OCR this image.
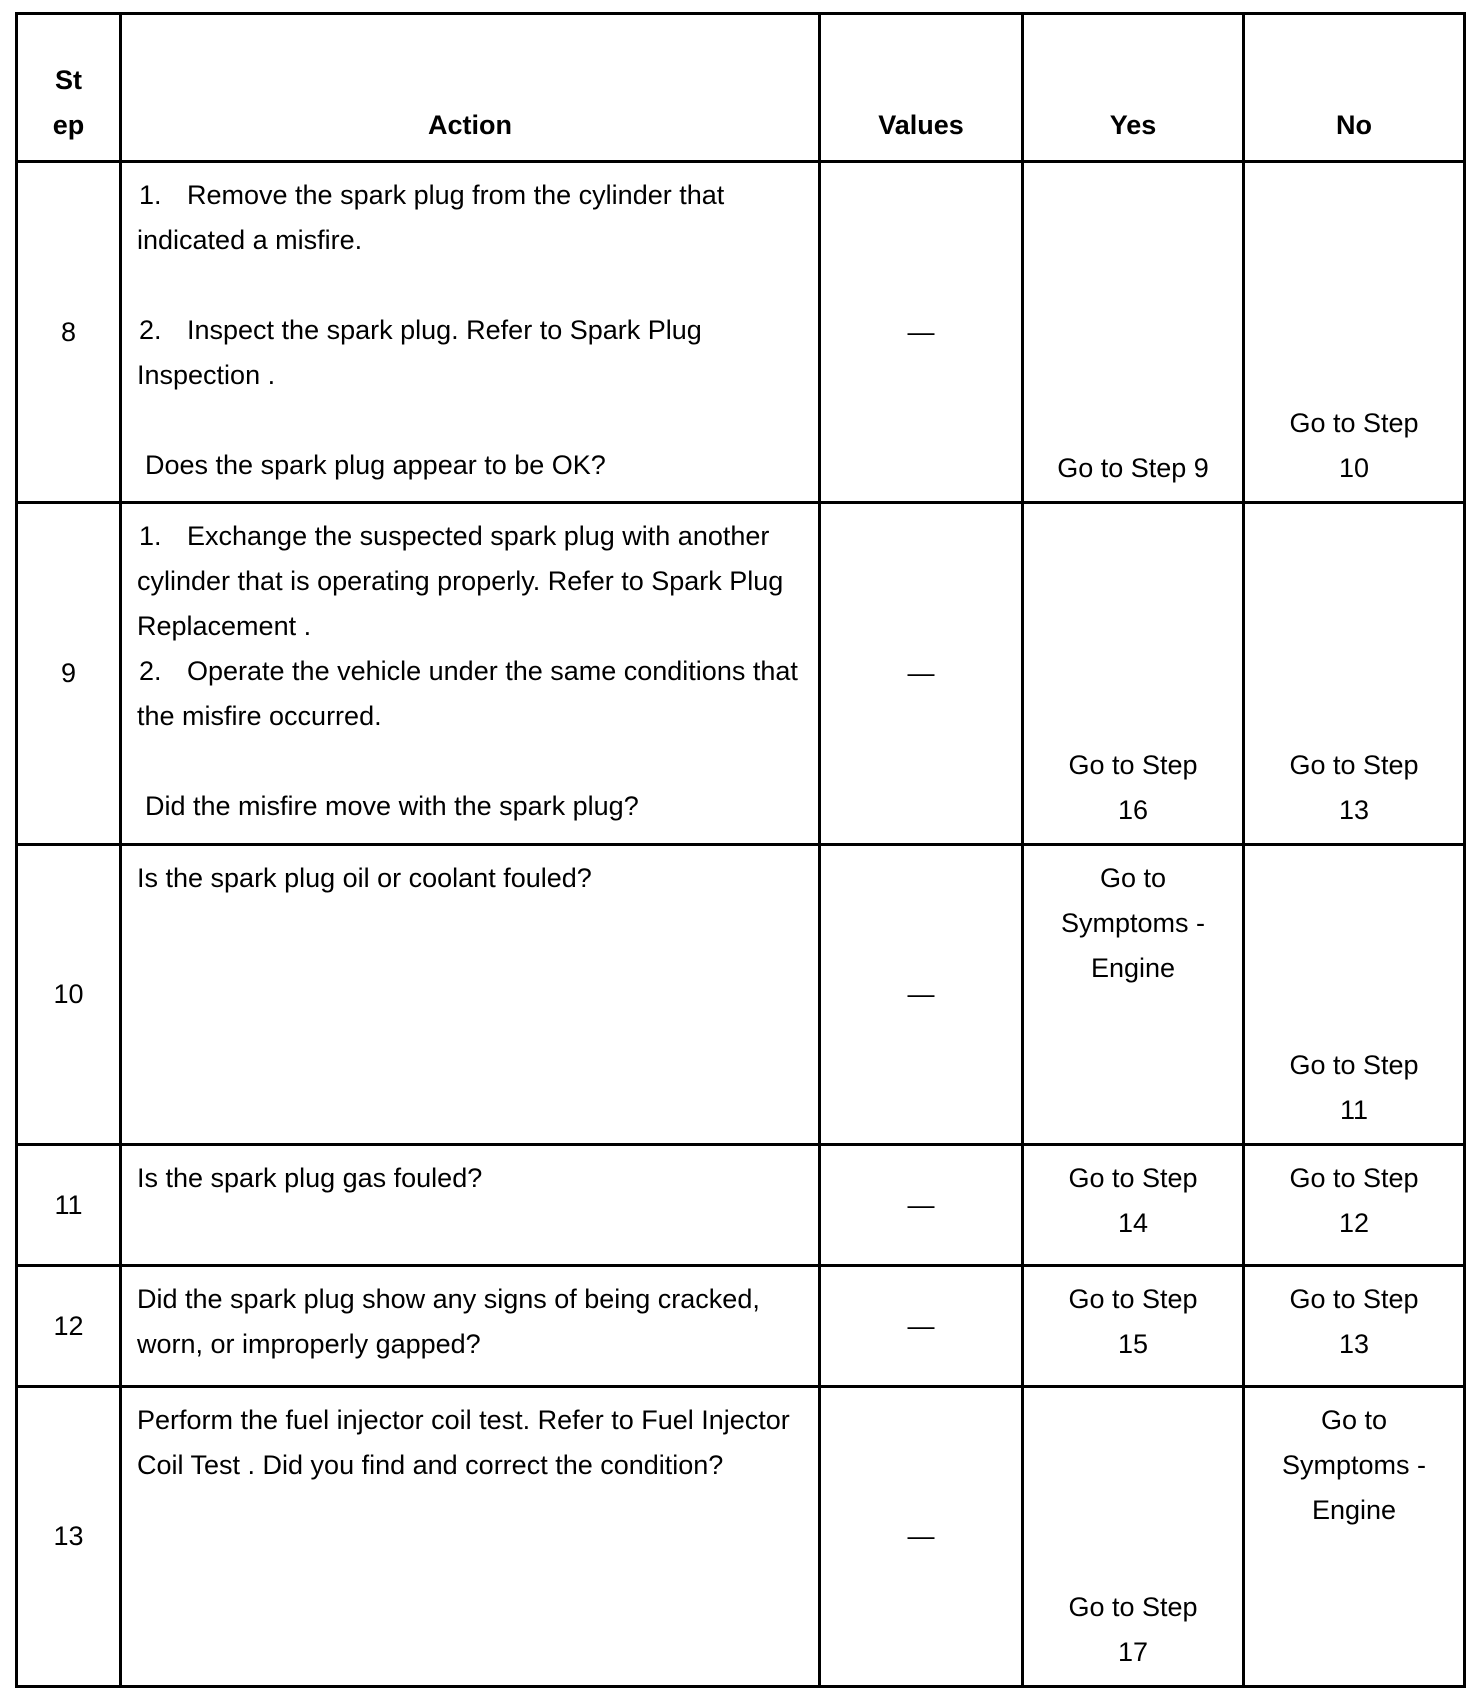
St
ep	Action	Values	Yes	No
8	1. Remove the spark plug from the cylinder that indicated a misfire.
2. Inspect the spark plug. Refer to Spark Plug Inspection .
Does the spark plug appear to be OK?	—	Go to Step 9	Go to Step
10

9	1. Exchange the suspected spark plug with another cylinder that is operating properly. Refer to Spark Plug Replacement .
2. Operate the vehicle under the same conditions that the misfire occurred.
Did the misfire move with the spark plug?	—	Go to Step
16	Go to Step
13

10	Is the spark plug oil or coolant fouled?	—	Go to
Symptoms -
Engine	Go to Step
11

11	Is the spark plug gas fouled?	—	Go to Step
14	Go to Step
12

12	Did the spark plug show any signs of being cracked, worn, or improperly gapped?	—	Go to Step
15	Go to Step
13

13	Perform the fuel injector coil test. Refer to Fuel Injector Coil Test . Did you find and correct the condition?	—	Go to Step
17	Go to
Symptoms -
Engine
